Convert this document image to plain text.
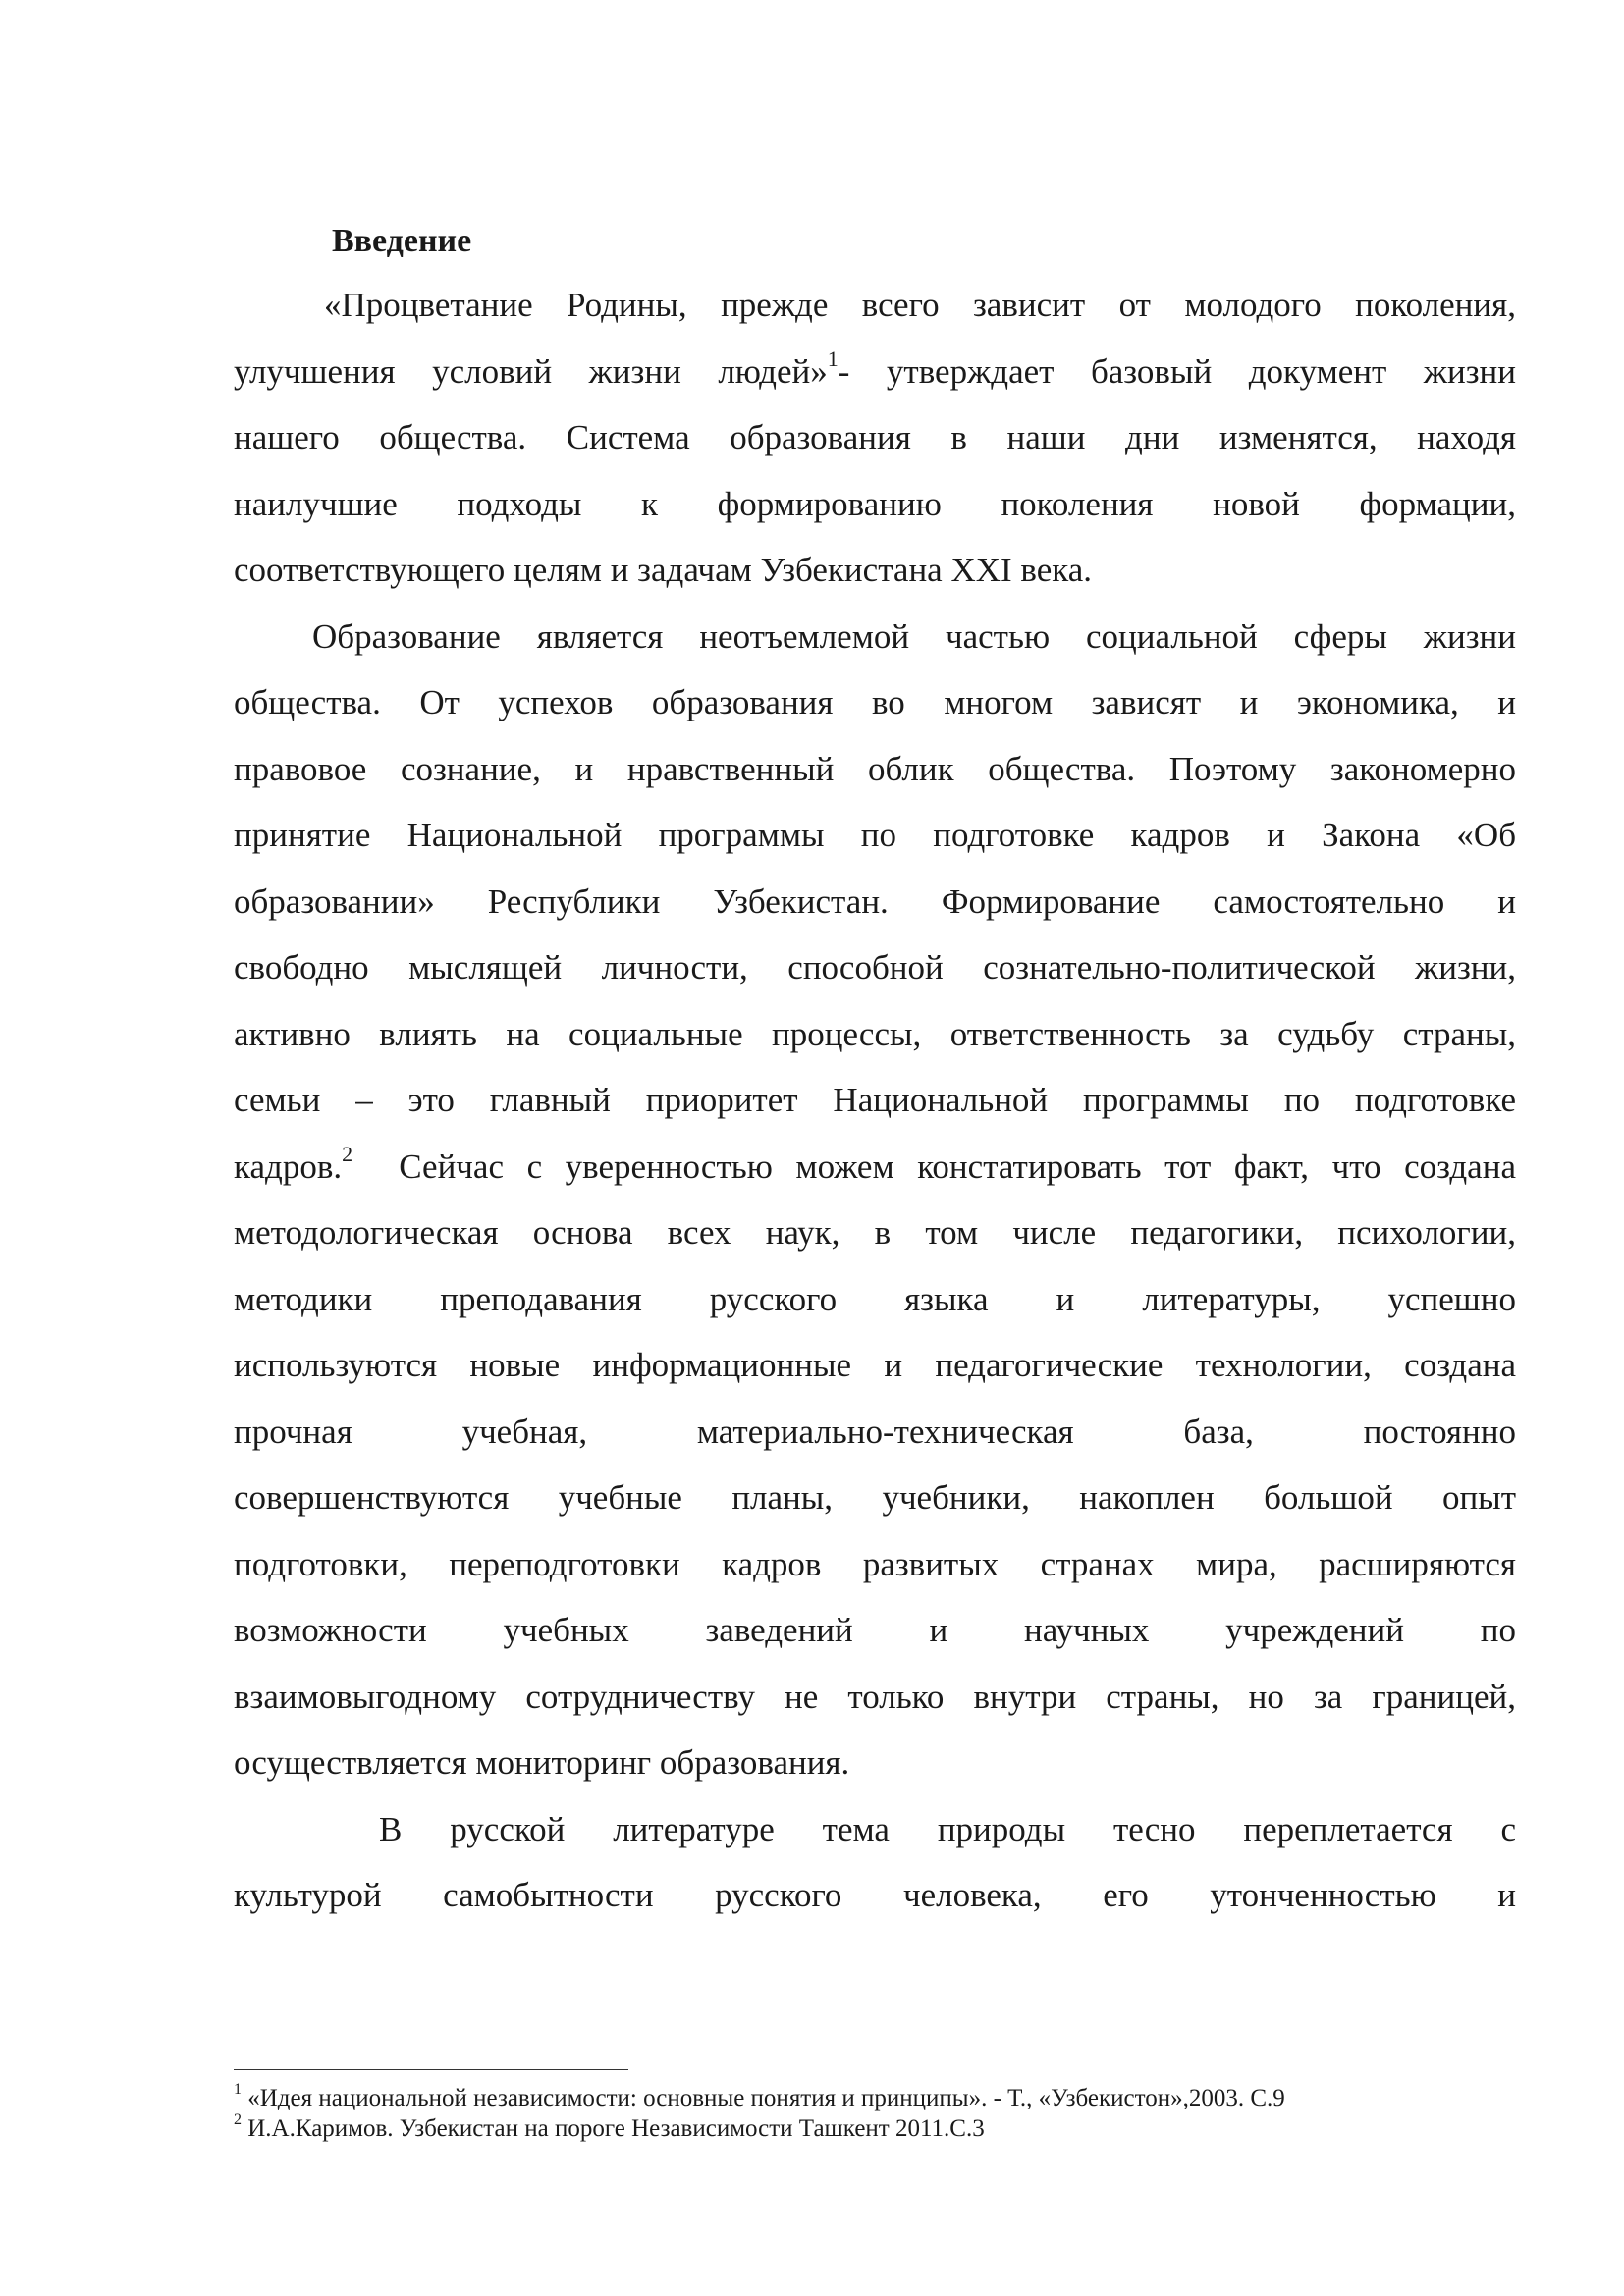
Введение
«Процветание Родины, прежде всего зависит от молодого поколения,
улучшения условий жизни людей»$^1$- утверждает базовый документ жизни
нашего общества. Система образования в наши дни изменятся, находя
наилучшие подходы к формированию поколения новой формации,
соответствующего целям и задачам Узбекистана XXI века.
Образование является неотъемлемой частью социальной сферы жизни
общества. От успехов образования во многом зависят и экономика, и
правовое сознание, и нравственный облик общества. Поэтому закономерно
принятие Национальной программы по подготовке кадров и Закона «Об
образовании» Республики Узбекистан. Формирование самостоятельно и
свободно мыслящей личности, способной сознательно-политической жизни,
активно влиять на социальные процессы, ответственность за судьбу страны,
семьи – это главный приоритет Национальной программы по подготовке
кадров.$^2$  Сейчас с уверенностью можем констатировать тот факт, что создана
методологическая основа всех наук, в том числе педагогики, психологии,
методики преподавания русского языка и литературы, успешно
используются новые информационные и педагогические технологии, создана
прочная учебная, материально-техническая база, постоянно
совершенствуются учебные планы, учебники, накоплен большой опыт
подготовки, переподготовки кадров развитых странах мира, расширяются
возможности учебных заведений и научных учреждений по
взаимовыгодному сотрудничеству не только внутри страны, но за границей,
осуществляется мониторинг образования.
В русской литературе тема природы тесно переплетается с
культурой самобытности русского человека, его утонченностью и
$^1$ «Идея национальной независимости: основные понятия и принципы». - Т., «Узбекистон»,2003. С.9
$^2$ И.А.Каримов. Узбекистан на пороге Независимости Ташкент 2011.С.3
